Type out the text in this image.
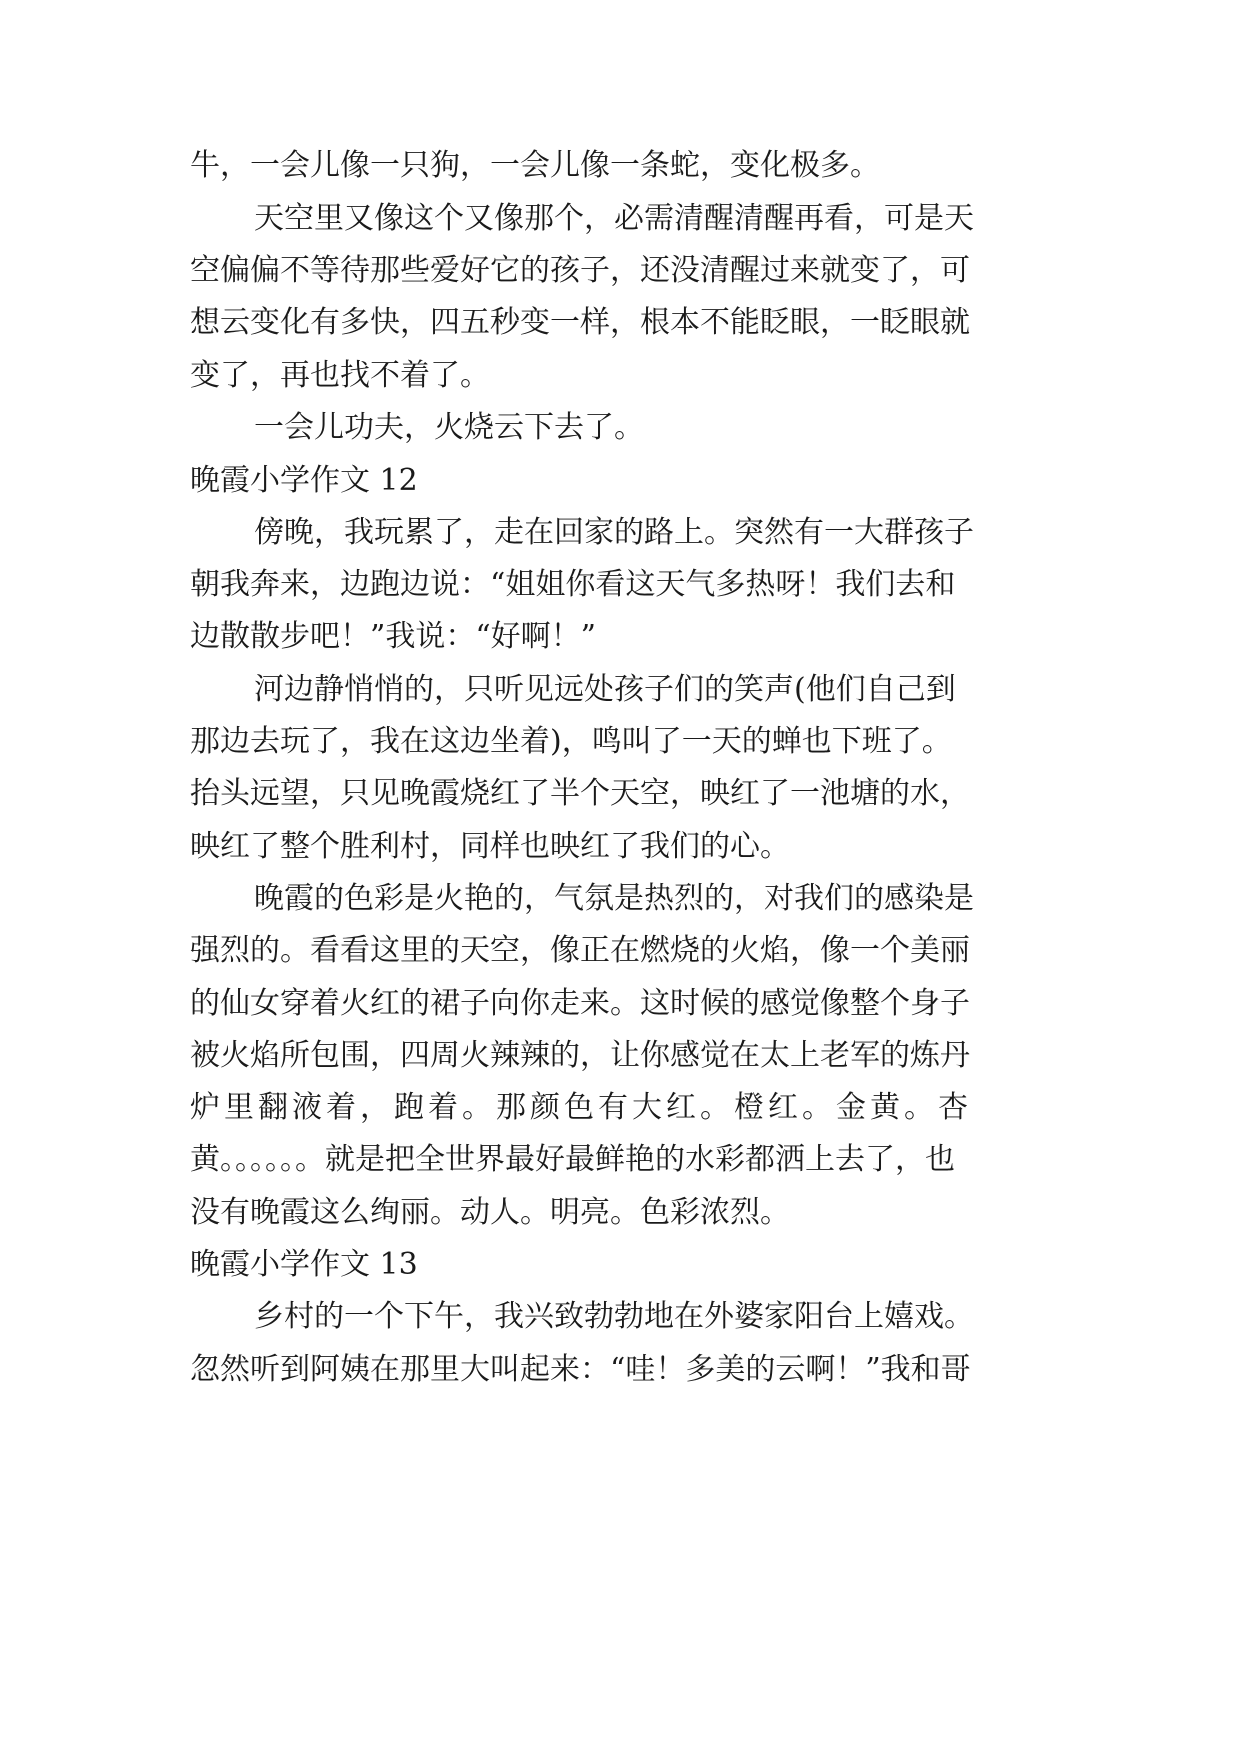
牛，一会儿像一只狗，一会儿像一条蛇，变化极多。
天空里又像这个又像那个，必需清醒清醒再看，可是天
空偏偏不等待那些爱好它的孩子，还没清醒过来就变了，可
想云变化有多快，四五秒变一样，根本不能眨眼，一眨眼就
变了，再也找不着了。
一会儿功夫，火烧云下去了。
晚霞小学作文 12
傍晚，我玩累了，走在回家的路上。突然有一大群孩子
朝我奔来，边跑边说：“姐姐你看这天气多热呀！我们去和
边散散步吧！”我说：“好啊！”
河边静悄悄的，只听见远处孩子们的笑声(他们自己到
那边去玩了，我在这边坐着)，鸣叫了一天的蝉也下班了。
抬头远望，只见晚霞烧红了半个天空，映红了一池塘的水，
映红了整个胜利村，同样也映红了我们的心。
晚霞的色彩是火艳的，气氛是热烈的，对我们的感染是
强烈的。看看这里的天空，像正在燃烧的火焰，像一个美丽
的仙女穿着火红的裙子向你走来。这时候的感觉像整个身子
被火焰所包围，四周火辣辣的，让你感觉在太上老军的炼丹
炉里翻液着，跑着。那颜色有大红。橙红。金黄。杏
黄。。。。。。就是把全世界最好最鲜艳的水彩都洒上去了，也
没有晚霞这么绚丽。动人。明亮。色彩浓烈。
晚霞小学作文 13
乡村的一个下午，我兴致勃勃地在外婆家阳台上嬉戏。
忽然听到阿姨在那里大叫起来：“哇！多美的云啊！”我和哥
